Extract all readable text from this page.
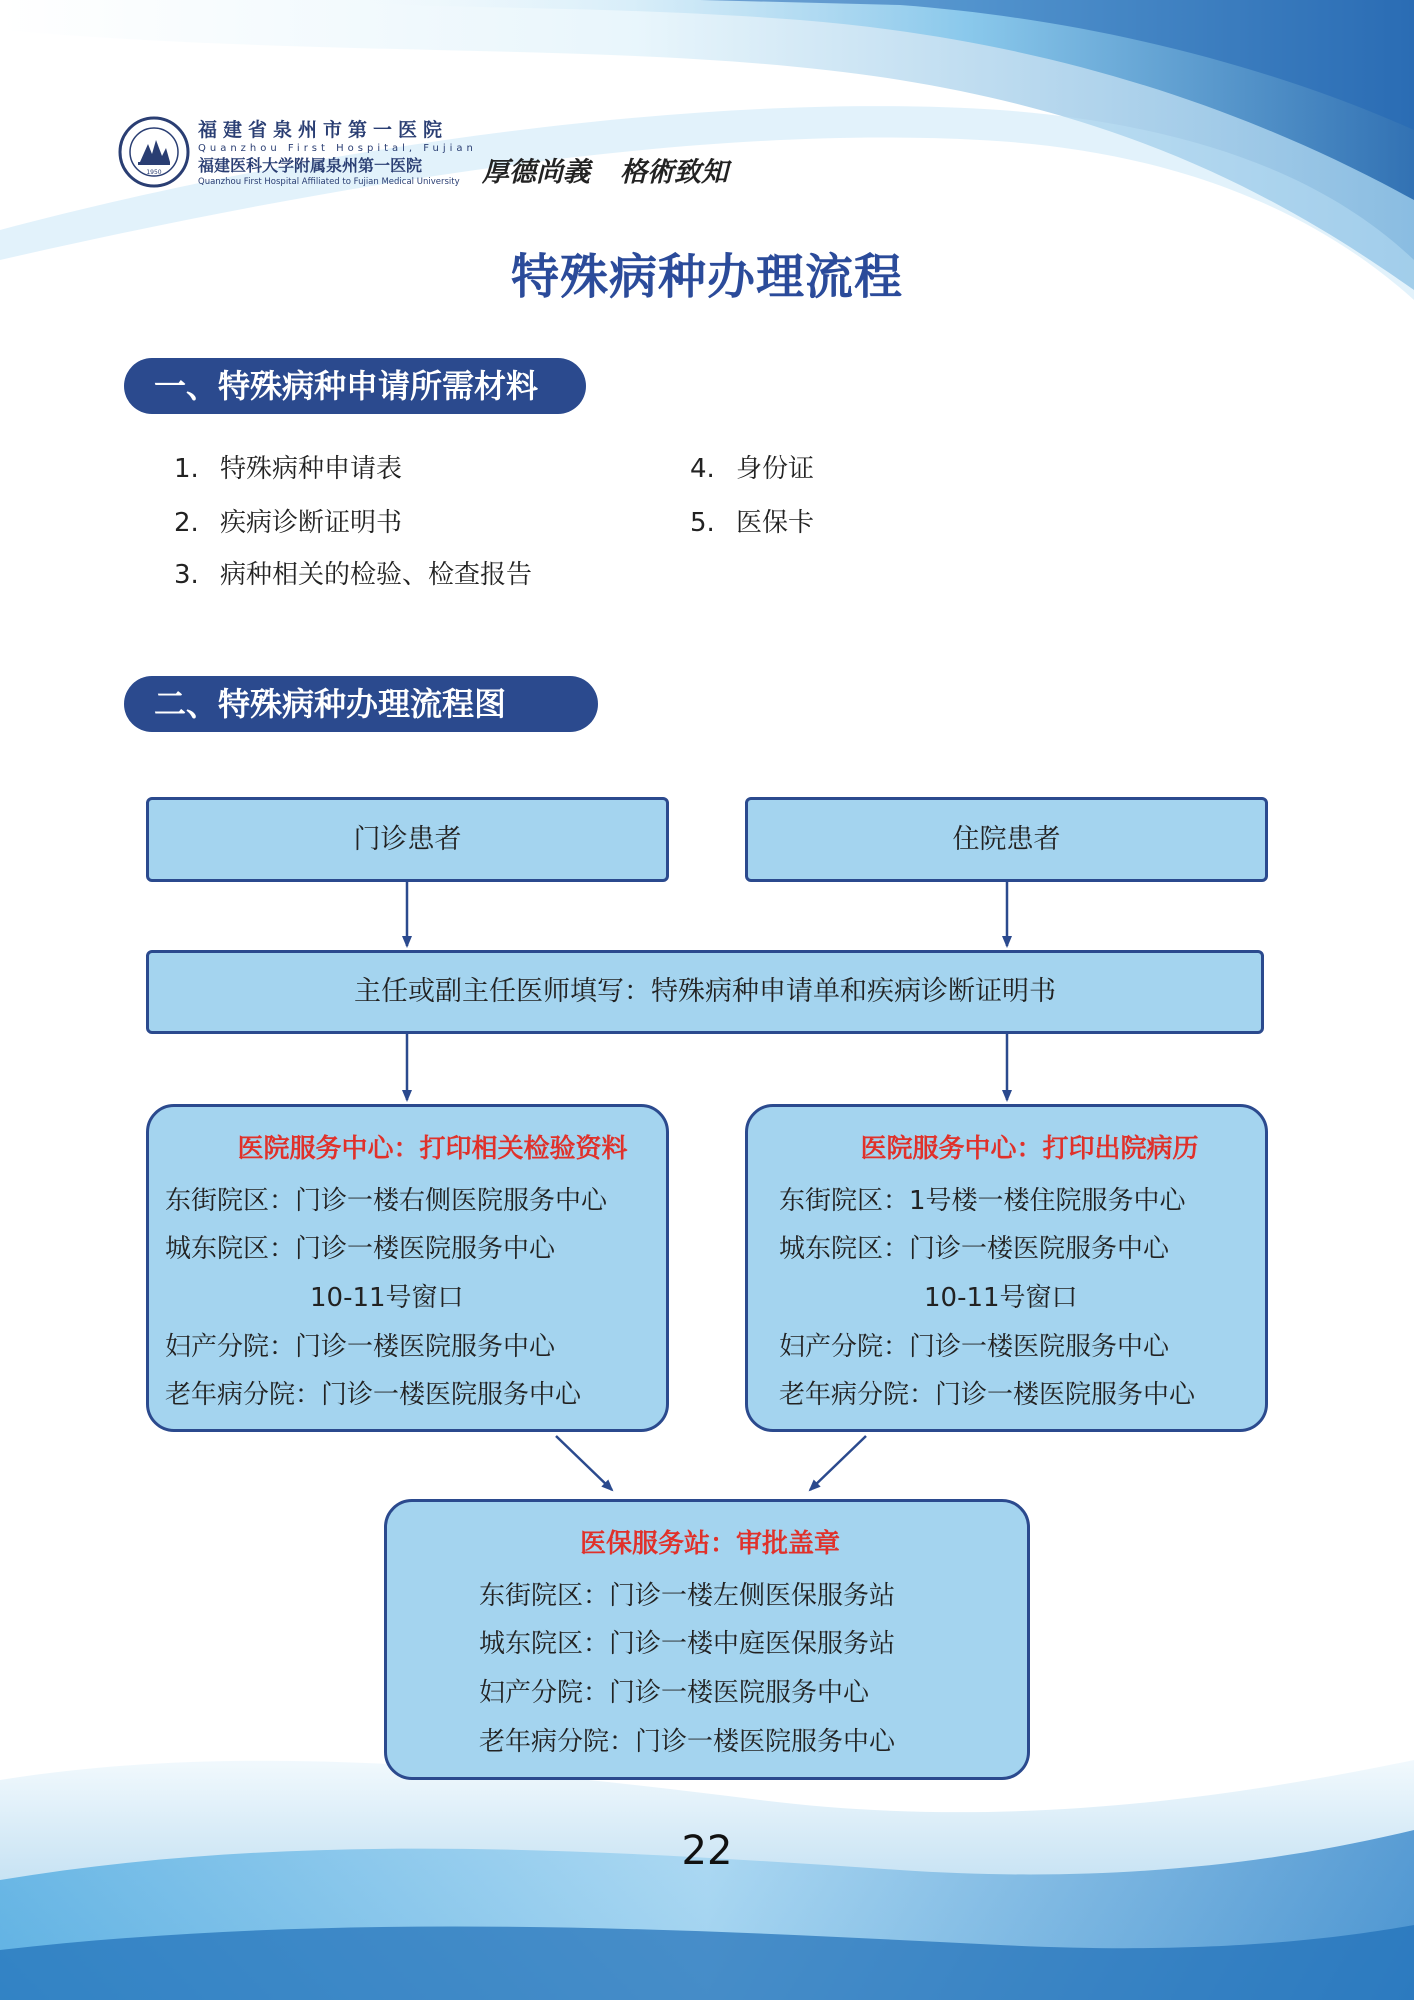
1950
福建省泉州市第一医院
Quanzhou First Hospital, Fujian
福建医科大学附属泉州第一医院
Quanzhou First Hospital Affiliated to Fujian Medical University 厚德尚義 格術致知
特殊病种办理流程
一、特殊病种申请所需材料
1. 特殊病种申请表
2. 疾病诊断证明书
3. 病种相关的检验、检查报告
4. 身份证
5. 医保卡
二、特殊病种办理流程图
门诊患者	住院患者
主任或副主任医师填写：特殊病种申请单和疾病诊断证明书
医院服务中心：打印相关检验资料
东街院区：门诊一楼右侧医院服务中心
城东院区：门诊一楼医院服务中心
10-11号窗口
妇产分院：门诊一楼医院服务中心
老年病分院：门诊一楼医院服务中心
医院服务中心：打印出院病历
东街院区：1号楼一楼住院服务中心
城东院区：门诊一楼医院服务中心
10-11号窗口
妇产分院：门诊一楼医院服务中心
老年病分院：门诊一楼医院服务中心
医保服务站：审批盖章
东街院区：门诊一楼左侧医保服务站
城东院区：门诊一楼中庭医保服务站
妇产分院：门诊一楼医院服务中心
老年病分院：门诊一楼医院服务中心
22
